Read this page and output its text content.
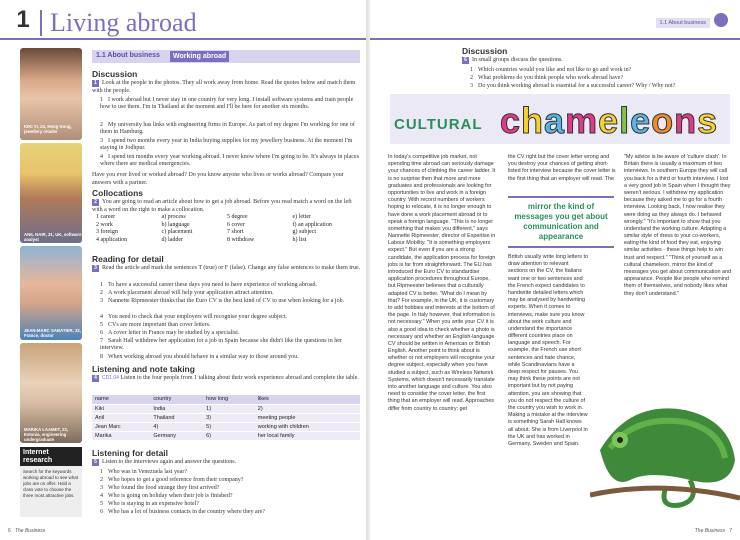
1 Living abroad
KIKI YI, 24, Hong Kong, jewellery retailer
ANIL NAIR, 31, UK, software analyst
JEAN-MARC SABATIER, 32, France, doctor
MARIKA LAAMET, 23, Estonia, engineering undergraduate
Internet research
Search for the keywords working abroad to see what jobs are on offer. Hold a class vote to choose the three most attractive jobs.
1.1 About business	Working abroad
Discussion
1 Look at the people in the photos. They all work away from home. Read the quotes below and match them with the people.
1 I work abroad but I never stay in one country for very long. I install software systems and train people how to use them. I'm in Thailand at the moment and I'll be here for another six months.
2 My university has links with engineering firms in Europe. As part of my degree I'm working for one of them in Hamburg.
3 I spend two months every year in India buying supplies for my jewellery business. At the moment I'm staying in Jodhpur.
4 I spend ten months every year working abroad. I never know where I'm going to be. It's always in places where there are medical emergencies.
Have you ever lived or worked abroad? Do you know anyone who lives or works abroad? Compare your answers with a partner.
Collocations
2 You are going to read an article about how to get a job abroad. Before you read match a word on the left with a word on the right to make a collocation.
1 career	a) process	5 degree	e) letter
2 work	b) language	6 cover	f) an application
3 foreign	c) placement	7 short	g) subject
4 application	d) ladder	8 withdraw	h) list
Reading for detail
3 Read the article and mark the sentences T (true) or F (false). Change any false sentences to make them true.
1 To have a successful career these days you need to have experience of working abroad.
2 A work placement abroad will help your application attract attention.
3 Nannette Ripmeester thinks that the Euro CV is the best kind of CV to use when looking for a job.
4 You need to check that your employers will recognise your degree subject.
5 CVs are more important than cover letters.
6 A cover letter in France may be studied by a specialist.
7 Sarah Hall withdrew her application for a job in Spain because she didn't like the questions in her interview.
8 When working abroad you should behave in a similar way to those around you.
Listening and note taking
4 CD1.04 Listen to the four people from 1 talking about their work experience abroad and complete the table.
name	country	how long	likes
Kiki	India	1)	2)
Anil	Thailand	3)	meeting people
Jean Marc	4)	5)	working with children
Marika	Germany	6)	her local family
Listening for detail
5 Listen to the interviews again and answer the questions.
1 Who was in Venezuela last year?
2 Who hopes to get a good reference from their company?
3 Who found the food strange they first arrived?
4 Who is going on holiday when their job is finished?
5 Who is staying in an expensive hotel?
6 Who has a lot of business contacts in the country where they are?
6 The Business
1.1 About business
Discussion
6 In small groups discuss the questions.
1 Which countries would you like and not like to go and work in?
2 What problems do you think people who work abroad have?
3 Do you think working abroad is essential for a successful career? Why / Why not?
CULTURAL chameleons
In today's competitive job market, not spending time abroad can seriously damage your chances of climbing the career ladder. It is no surprise then that more and more graduates and professionals are looking for opportunities to live and work in a foreign country. With record numbers of workers hoping to relocate, it is no longer enough to have done a work placement abroad or to speak a foreign language. "This is no longer something that makes you different," says Nannette Ripmeester, director of Expertise in Labour Mobility. "It is something employers expect." But even if you are a strong candidate, the application process for foreign jobs is far from straightforward. The EU has introduced the Euro CV to standardise application procedures throughout Europe, but Ripmeester believes that a culturally adapted CV is better. "What do I mean by that? For example, in the UK, it is customary to add hobbies and interests at the bottom of the page. In Italy however, that information is not necessary." When you write your CV it is also a good idea to check whether a photo is necessary and whether an English-language CV should be written in American or British English. Another point to think about is whether or not employers will recognise your degree subject, especially when you have studied a subject, such as Wireless Network Systems, which doesn't necessarily translate into another language and culture. You also need to consider the cover letter, the first thing that an employer will read. Approaches differ from country to country: get
the CV right but the cover letter wrong and you destroy your chances of getting short-listed for interview because the cover letter is the first thing that an employer will read. The
mirror the kind of messages you get about communication and appearance
British usually write long letters to draw attention to relevant sections on the CV, the Italians want one or two sentences and the French expect candidates to handwrite detailed letters which may be analysed by handwriting experts. When it comes to interviews, make sure you know about the work culture and understand the importance different countries place on language and speech. For example, the French use short sentences and hate chance, while Scandinavians have a deep respect for pauses. You may think these points are not important but by not paying attention, you are showing that you do not respect the culture of the country you wish to work in. Making a mistake at the interview is something Sarah Hall knows all about. She is from Liverpool in the UK and has worked in Germany, Sweden and Spain.
"My advice is be aware of 'culture clash'. In Britain there is usually a maximum of two interviews. In southern Europe they will call you back for a third or fourth interview. I lost a very good job in Spain when I thought they weren't serious. I withdrew my application because they asked me to go for a fourth interview. Looking back, I now realise they were doing as they always do. I behaved wrongly." "It's important to show that you understand the working culture. Adapting a similar style of dress to your co-workers, eating the kind of food they eat, enjoying similar activities - these things help to win trust and respect." "Think of yourself as a cultural chameleon, mirror the kind of messages you get about communication and appearance. People like people who remind them of themselves, and nobody likes what they don't understand."
The Business 7
